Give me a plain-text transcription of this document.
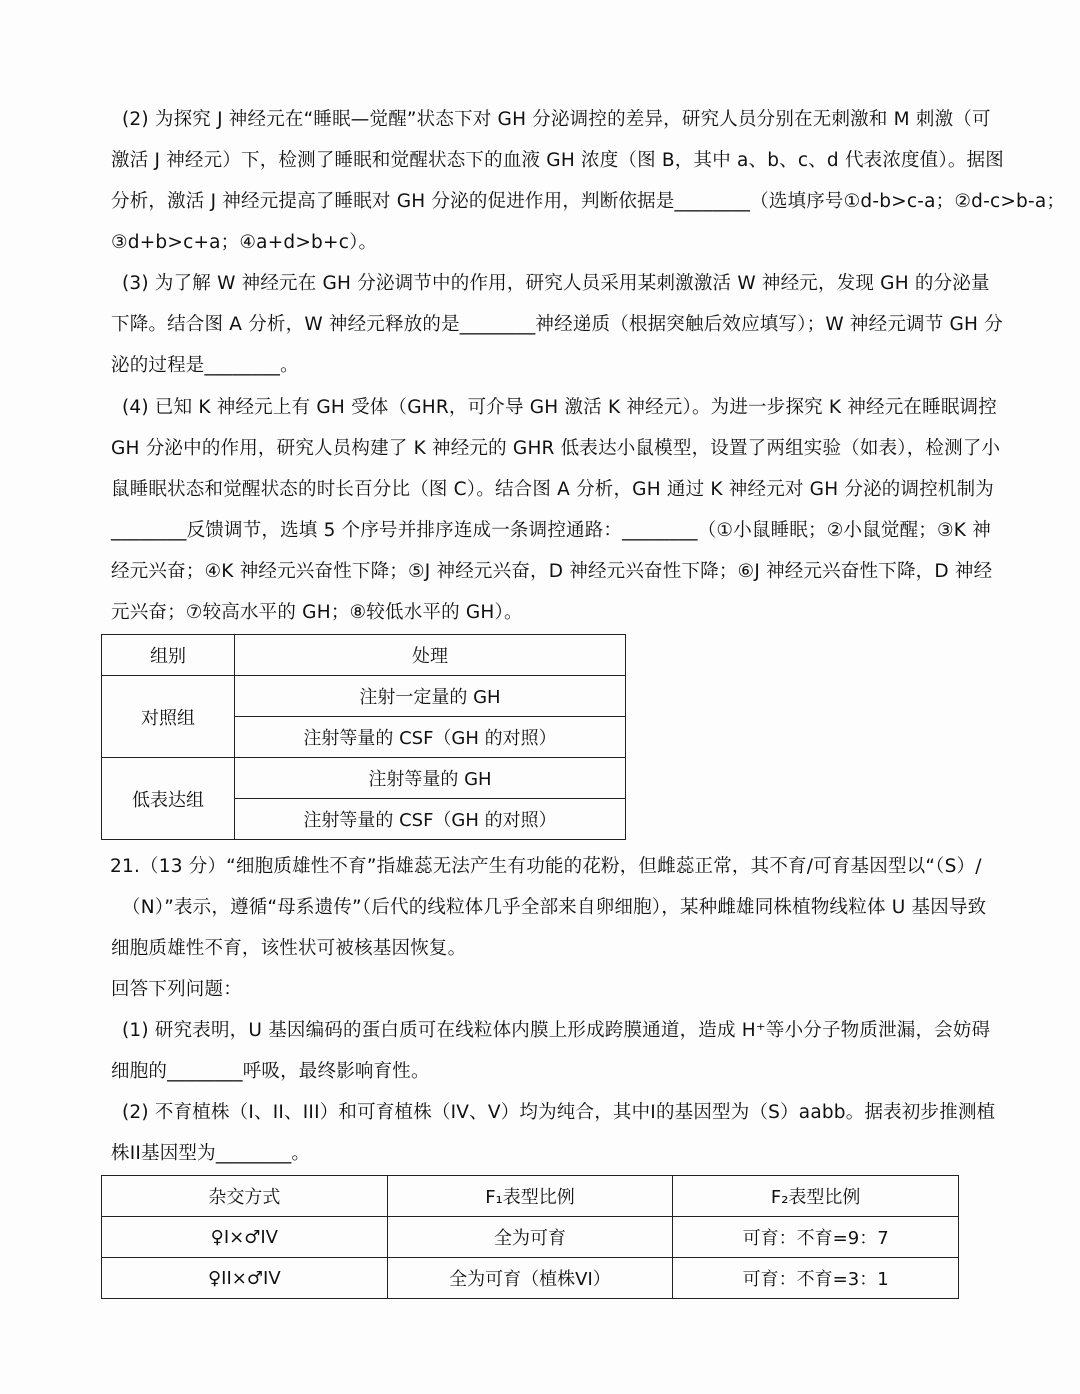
(2) 为探究 J 神经元在“睡眠—觉醒”状态下对 GH 分泌调控的差异，研究人员分别在无刺激和 M 刺激（可
激活 J 神经元）下，检测了睡眠和觉醒状态下的血液 GH 浓度（图 B，其中 a、b、c、d 代表浓度值）。据图
分析，激活 J 神经元提高了睡眠对 GH 分泌的促进作用，判断依据是________（选填序号①d-b>c-a；②d-c>b-a；
③d+b>c+a；④a+d>b+c）。
(3) 为了解 W 神经元在 GH 分泌调节中的作用，研究人员采用某刺激激活 W 神经元，发现 GH 的分泌量
下降。结合图 A 分析，W 神经元释放的是________神经递质（根据突触后效应填写）；W 神经元调节 GH 分
泌的过程是________。
(4) 已知 K 神经元上有 GH 受体（GHR，可介导 GH 激活 K 神经元）。为进一步探究 K 神经元在睡眠调控
GH 分泌中的作用，研究人员构建了 K 神经元的 GHR 低表达小鼠模型，设置了两组实验（如表），检测了小
鼠睡眠状态和觉醒状态的时长百分比（图 C）。结合图 A 分析，GH 通过 K 神经元对 GH 分泌的调控机制为
________反馈调节，选填 5 个序号并排序连成一条调控通路：________（①小鼠睡眠；②小鼠觉醒；③K 神
经元兴奋；④K 神经元兴奋性下降；⑤J 神经元兴奋，D 神经元兴奋性下降；⑥J 神经元兴奋性下降，D 神经
元兴奋；⑦较高水平的 GH；⑧较低水平的 GH）。
组别	处理
对照组	注射一定量的 GH
	注射等量的 CSF（GH 的对照）
低表达组	注射等量的 GH
	注射等量的 CSF（GH 的对照）
21.（13 分）“细胞质雄性不育”指雄蕊无法产生有功能的花粉，但雌蕊正常，其不育/可育基因型以“（S）/
（N）”表示，遵循“母系遗传”（后代的线粒体几乎全部来自卵细胞），某种雌雄同株植物线粒体 U 基因导致
细胞质雄性不育，该性状可被核基因恢复。
回答下列问题：
(1) 研究表明，U 基因编码的蛋白质可在线粒体内膜上形成跨膜通道，造成 H⁺等小分子物质泄漏，会妨碍
细胞的________呼吸，最终影响育性。
(2) 不育植株（I、II、III）和可育植株（IV、V）均为纯合，其中I的基因型为（S）aabb。据表初步推测植
株II基因型为________。
杂交方式	F₁表型比例	F₂表型比例
♀I×♂IV	全为可育	可育：不育=9：7
♀II×♂IV	全为可育（植株VI）	可育：不育=3：1
